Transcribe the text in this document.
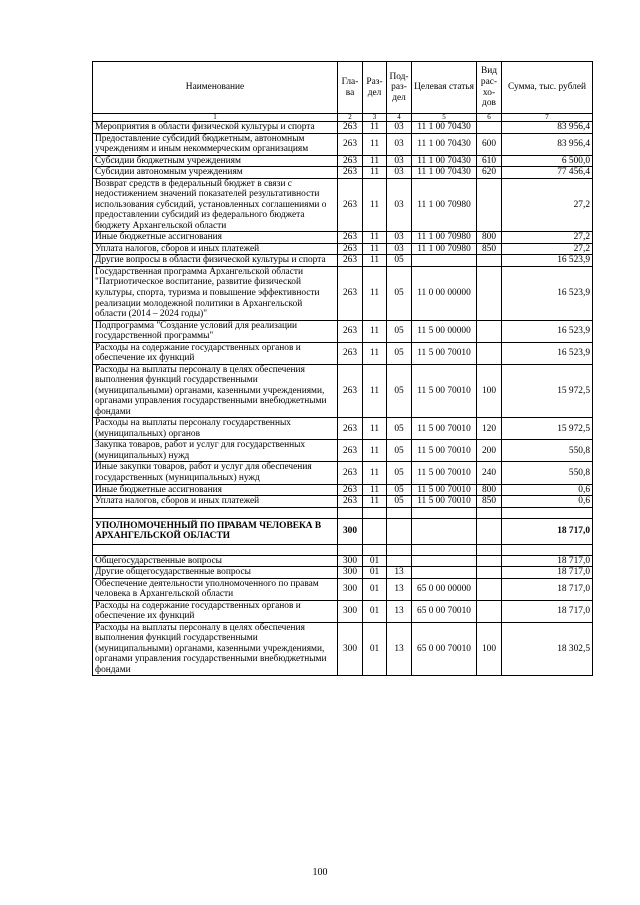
Наименование	Гла-ва	Раз-дел	Под-раз-дел	Целевая статья	Вид рас-хо-дов	Сумма, тыс. рублей
1	2	3	4	5	6	7
Мероприятия в области физической культуры и спорта	263	11	03	11 1 00 70430		83 956,4
Предоставление субсидий бюджетным, автономным учреждениям и иным некоммерческим организациям	263	11	03	11 1 00 70430	600	83 956,4
Субсидии бюджетным учреждениям	263	11	03	11 1 00 70430	610	6 500,0
Субсидии автономным учреждениям	263	11	03	11 1 00 70430	620	77 456,4
Возврат средств в федеральный бюджет в связи с недостижением значений показателей результативности использования субсидий, установленных соглашениями о предоставлении субсидий из федерального бюджета бюджету Архангельской области	263	11	03	11 1 00 70980		27,2
Иные бюджетные ассигнования	263	11	03	11 1 00 70980	800	27,2
Уплата налогов, сборов и иных платежей	263	11	03	11 1 00 70980	850	27,2
Другие вопросы в области физической культуры и спорта	263	11	05			16 523,9
Государственная программа Архангельской области "Патриотическое воспитание, развитие физической культуры, спорта, туризма и повышение эффективности реализации молодежной политики в Архангельской области (2014 – 2024 годы)"	263	11	05	11 0 00 00000		16 523,9
Подпрограмма "Создание условий для реализации государственной программы"	263	11	05	11 5 00 00000		16 523,9
Расходы на содержание государственных органов и обеспечение их функций	263	11	05	11 5 00 70010		16 523,9
Расходы на выплаты персоналу в целях обеспечения выполнения функций государственными (муниципальными) органами, казенными учреждениями, органами управления государственными внебюджетными фондами	263	11	05	11 5 00 70010	100	15 972,5
Расходы на выплаты персоналу государственных (муниципальных) органов	263	11	05	11 5 00 70010	120	15 972,5
Закупка товаров, работ и услуг для государственных (муниципальных) нужд	263	11	05	11 5 00 70010	200	550,8
Иные закупки товаров, работ и услуг для обеспечения государственных (муниципальных) нужд	263	11	05	11 5 00 70010	240	550,8
Иные бюджетные ассигнования	263	11	05	11 5 00 70010	800	0,6
Уплата налогов, сборов и иных платежей	263	11	05	11 5 00 70010	850	0,6

УПОЛНОМОЧЕННЫЙ ПО ПРАВАМ ЧЕЛОВЕКА В АРХАНГЕЛЬСКОЙ ОБЛАСТИ	300					18 717,0

Общегосударственные вопросы	300	01				18 717,0
Другие общегосударственные вопросы	300	01	13			18 717,0
Обеспечение деятельности уполномоченного по правам человека в Архангельской области	300	01	13	65 0 00 00000		18 717,0
Расходы на содержание государственных органов и обеспечение их функций	300	01	13	65 0 00 70010		18 717,0
Расходы на выплаты персоналу в целях обеспечения выполнения функций государственными (муниципальными) органами, казенными учреждениями, органами управления государственными внебюджетными фондами	300	01	13	65 0 00 70010	100	18 302,5
100
